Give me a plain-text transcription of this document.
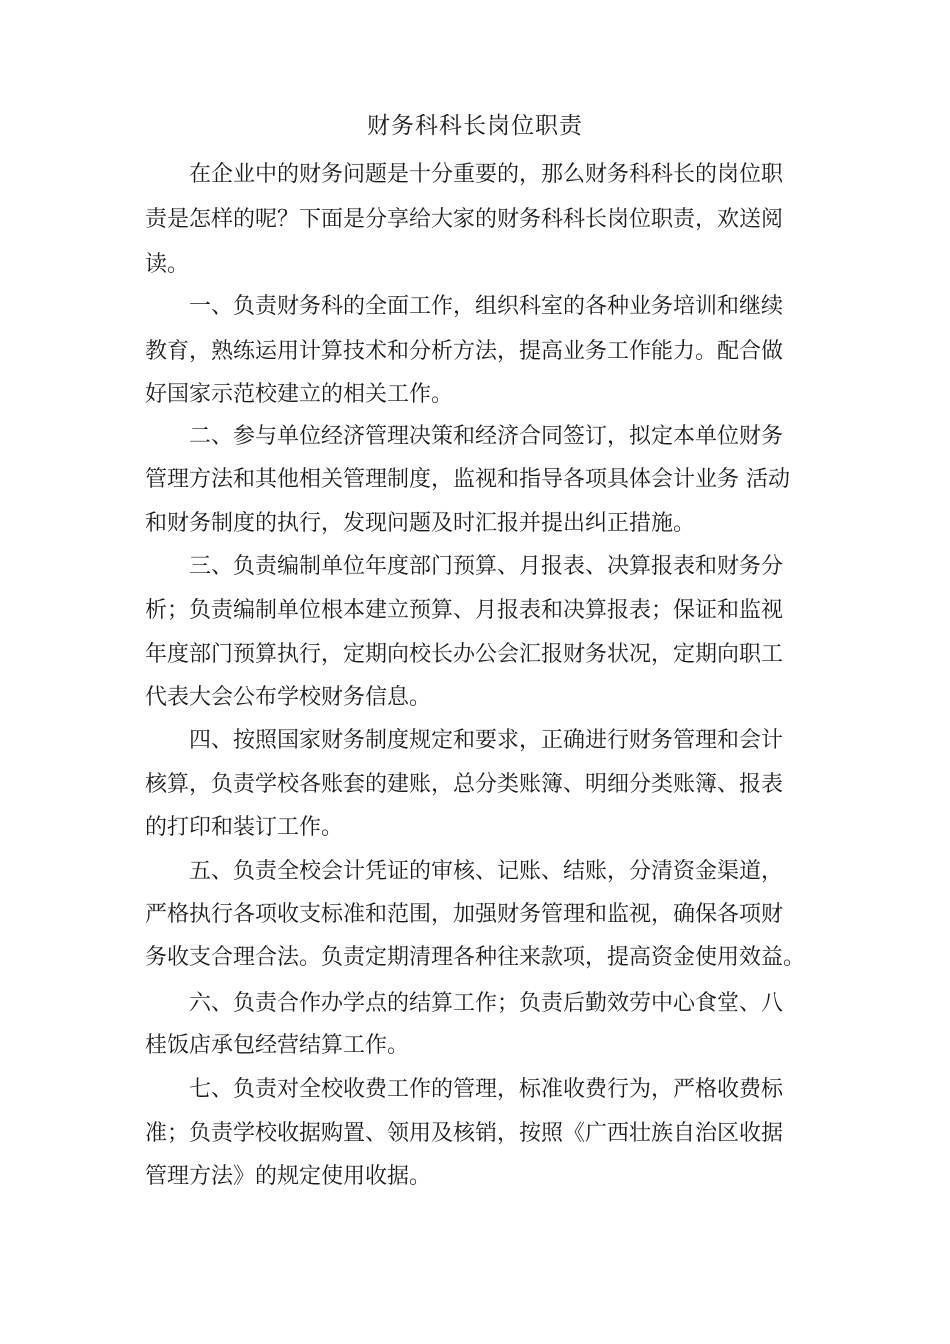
财务科科长岗位职责
在企业中的财务问题是十分重要的，那么财务科科长的岗位职
责是怎样的呢？下面是分享给大家的财务科科长岗位职责，欢送阅
读。
一、负责财务科的全面工作，组织科室的各种业务培训和继续
教育，熟练运用计算技术和分析方法，提高业务工作能力。配合做
好国家示范校建立的相关工作。
二、参与单位经济管理决策和经济合同签订，拟定本单位财务
管理方法和其他相关管理制度，监视和指导各项具体会计业务 活动
和财务制度的执行，发现问题及时汇报并提出纠正措施。
三、负责编制单位年度部门预算、月报表、决算报表和财务分
析；负责编制单位根本建立预算、月报表和决算报表；保证和监视
年度部门预算执行，定期向校长办公会汇报财务状况，定期向职工
代表大会公布学校财务信息。
四、按照国家财务制度规定和要求，正确进行财务管理和会计
核算，负责学校各账套的建账，总分类账簿、明细分类账簿、报表
的打印和装订工作。
五、负责全校会计凭证的审核、记账、结账，分清资金渠道，
严格执行各项收支标准和范围，加强财务管理和监视，确保各项财
务收支合理合法。负责定期清理各种往来款项，提高资金使用效益。
六、负责合作办学点的结算工作；负责后勤效劳中心食堂、八
桂饭店承包经营结算工作。
七、负责对全校收费工作的管理，标准收费行为，严格收费标
准；负责学校收据购置、领用及核销，按照《广西壮族自治区收据
管理方法》的规定使用收据。
